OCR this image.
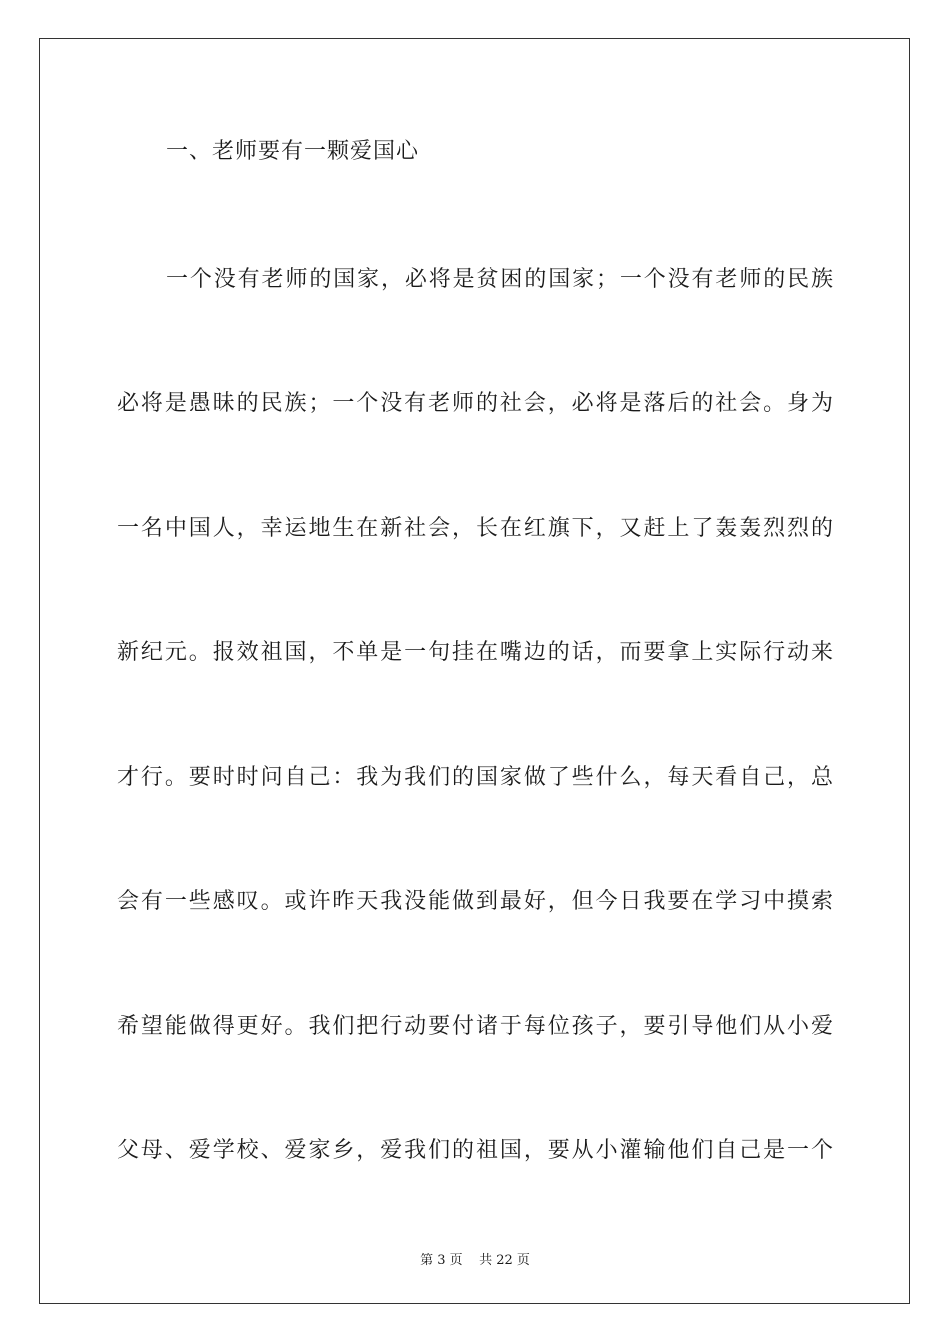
一、老师要有一颗爱国心
一个没有老师的国家，必将是贫困的国家；一个没有老师的民族
必将是愚昧的民族；一个没有老师的社会，必将是落后的社会。身为
一名中国人，幸运地生在新社会，长在红旗下，又赶上了轰轰烈烈的
新纪元。报效祖国，不单是一句挂在嘴边的话，而要拿上实际行动来
才行。要时时问自己：我为我们的国家做了些什么，每天看自己，总
会有一些感叹。或许昨天我没能做到最好，但今日我要在学习中摸索
希望能做得更好。我们把行动要付诸于每位孩子，要引导他们从小爱
父母、爱学校、爱家乡，爱我们的祖国，要从小灌输他们自己是一个
第 3 页    共 22 页
